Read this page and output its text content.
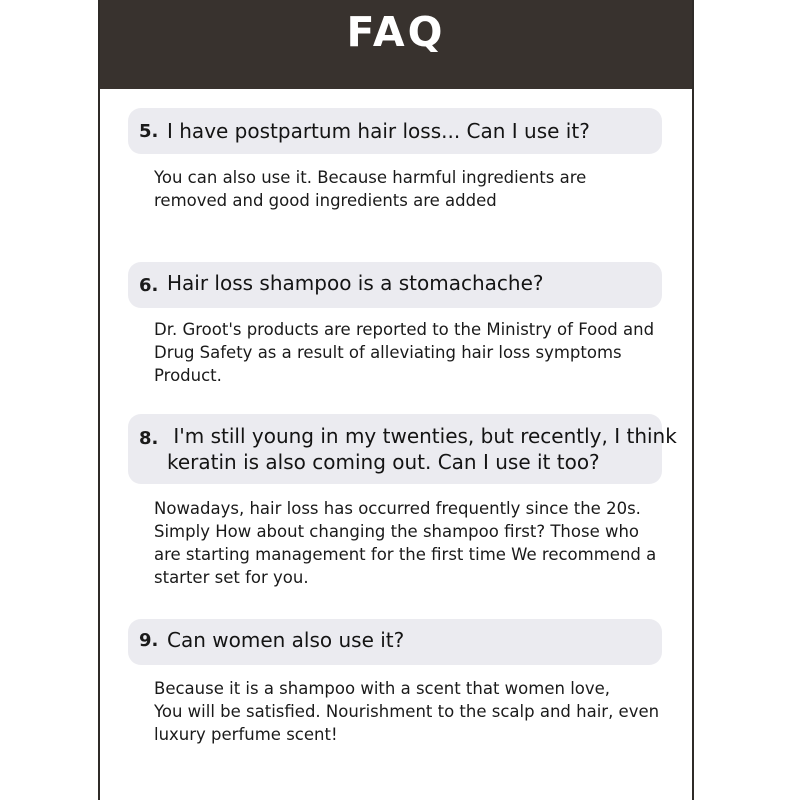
FAQ
5. I have postpartum hair loss... Can I use it?
You can also use it. Because harmful ingredients are
removed and good ingredients are added
6. Hair loss shampoo is a stomachache?
Dr. Groot's products are reported to the Ministry of Food and
Drug Safety as a result of alleviating hair loss symptoms
Product.
8. I'm still young in my twenties, but recently, I think
keratin is also coming out. Can I use it too?
Nowadays, hair loss has occurred frequently since the 20s.
Simply How about changing the shampoo first? Those who
are starting management for the first time We recommend a
starter set for you.
9. Can women also use it?
Because it is a shampoo with a scent that women love,
You will be satisfied. Nourishment to the scalp and hair, even
luxury perfume scent!
